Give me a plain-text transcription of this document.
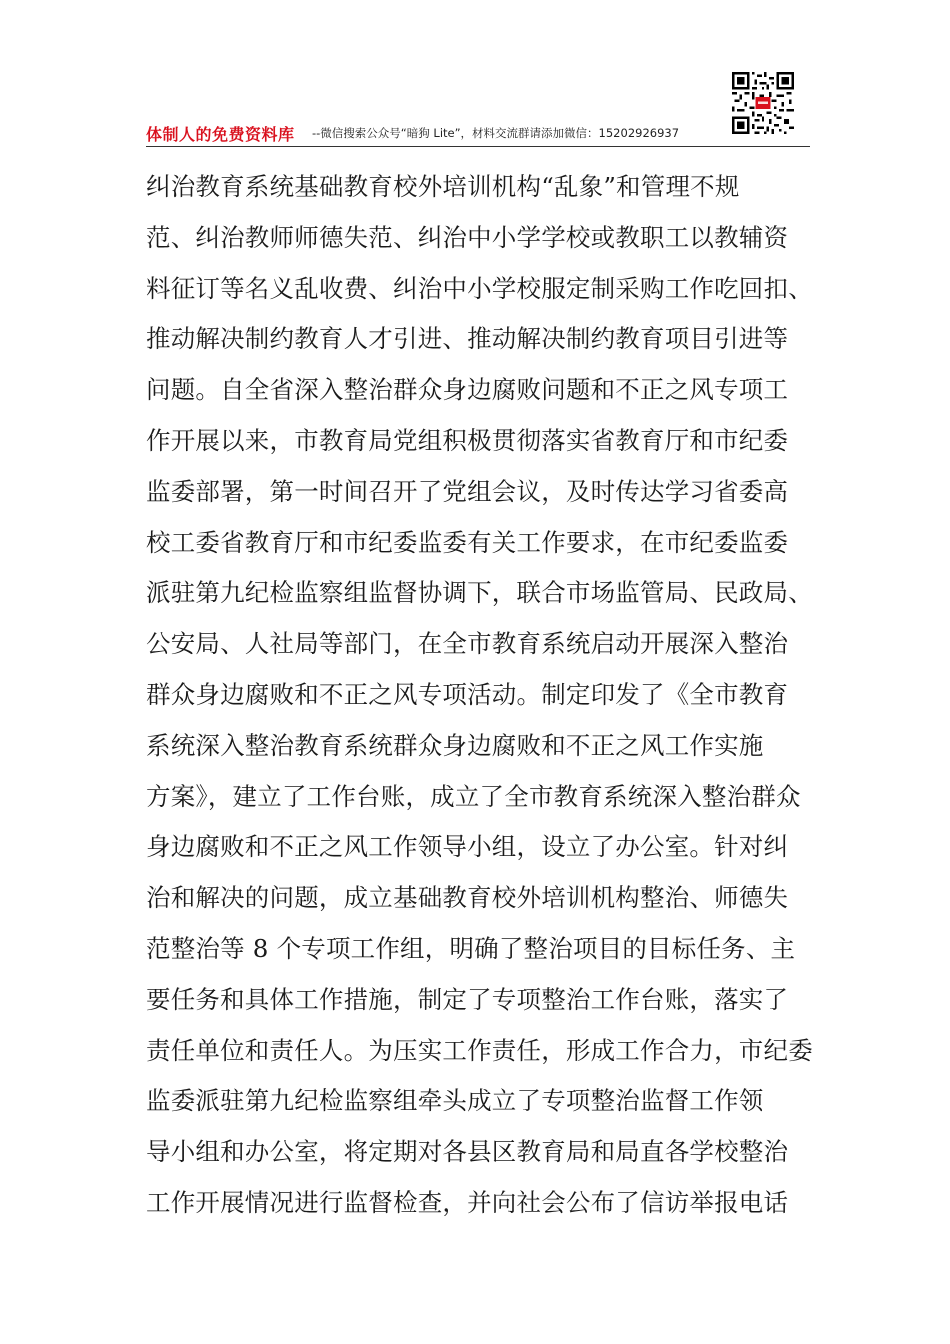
体制人的免费资料库 --微信搜索公众号“暗狗 Lite”，材料交流群请添加微信：15202926937
纠治教育系统基础教育校外培训机构“乱象”和管理不规
范、纠治教师师德失范、纠治中小学学校或教职工以教辅资
料征订等名义乱收费、纠治中小学校服定制采购工作吃回扣、
推动解决制约教育人才引进、推动解决制约教育项目引进等
问题。自全省深入整治群众身边腐败问题和不正之风专项工
作开展以来，市教育局党组积极贯彻落实省教育厅和市纪委
监委部署，第一时间召开了党组会议，及时传达学习省委高
校工委省教育厅和市纪委监委有关工作要求，在市纪委监委
派驻第九纪检监察组监督协调下，联合市场监管局、民政局、
公安局、人社局等部门，在全市教育系统启动开展深入整治
群众身边腐败和不正之风专项活动。制定印发了《全市教育
系统深入整治教育系统群众身边腐败和不正之风工作实施
方案》，建立了工作台账，成立了全市教育系统深入整治群众
身边腐败和不正之风工作领导小组，设立了办公室。针对纠
治和解决的问题，成立基础教育校外培训机构整治、师德失
范整治等 8 个专项工作组，明确了整治项目的目标任务、主
要任务和具体工作措施，制定了专项整治工作台账，落实了
责任单位和责任人。为压实工作责任，形成工作合力，市纪委
监委派驻第九纪检监察组牵头成立了专项整治监督工作领
导小组和办公室，将定期对各县区教育局和局直各学校整治
工作开展情况进行监督检查，并向社会公布了信访举报电话
